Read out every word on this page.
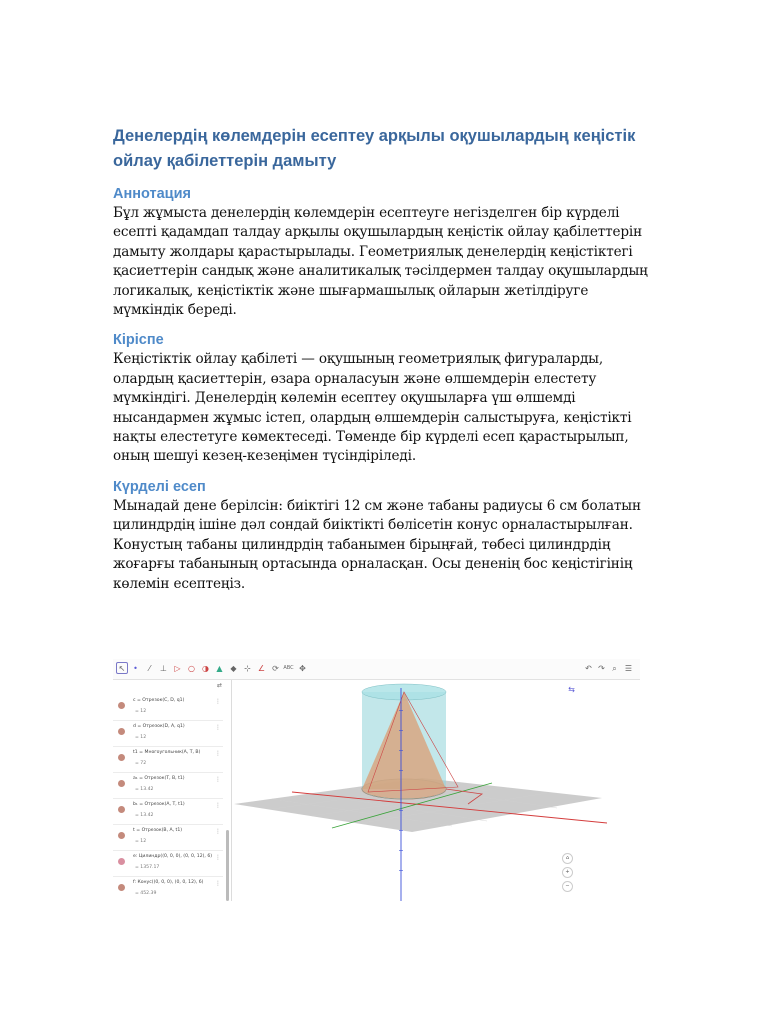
Денелердің көлемдерін есептеу арқылы оқушылардың кеңістік ойлау қабілеттерін дамыту
Аннотация

Бұл жұмыста денелердің көлемдерін есептеуге негізделген бір күрделі есепті қадамдап талдау арқылы оқушылардың кеңістік ойлау қабілеттерін дамыту жолдары қарастырылады. Геометриялық денелердің кеңістіктегі қасиеттерін сандық және аналитикалық тәсілдермен талдау оқушылардың логикалық, кеңістіктік және шығармашылық ойларын жетілдіруге мүмкіндік береді.

Кіріспе

Кеңістіктік ойлау қабілеті — оқушының геометриялық фигураларды, олардың қасиеттерін, өзара орналасуын және өлшемдерін елестету мүмкіндігі. Денелердің көлемін есептеу оқушыларға үш өлшемді нысандармен жұмыс істеп, олардың өлшемдерін салыстыруға, кеңістікті нақты елестетуге көмектеседі. Төменде бір күрделі есеп қарастырылып, оның шешуі кезең-кезеңімен түсіндіріледі.

Күрделі есеп

Мынадай дене берілсін: биіктігі 12 см және табаны радиусы 6 см болатын цилиндрдің ішіне дәл сондай биіктікті бөлісетін конус орналастырылған. Конустың табаны цилиндрдің табанымен бірыңғай, төбесі цилиндрдің жоғарғы табанының ортасында орналасқан. Осы дененің бос кеңістігінің көлемін есептеңіз.

↖ •	⁄	⊥ ▷ ○ ◑ ▲ ◆ ⊹ ∠ ⟳ ABC ✥	↶ ↷ ⌕	☰
⇄
c = Отрезок(C, D, q1)
= 12
⋮
d = Отрезок(D, A, q1)
= 12
⋮
t1 = Многоугольник(A, T, B)
= 72
⋮
a₁ = Отрезок(T, B, t1)
= 13.42
⋮
b₁ = Отрезок(A, T, t1)
= 13.42
⋮
t = Отрезок(B, A, t1)
= 12
⋮
e: Цилиндр((0, 0, 0), (0, 0, 12), 6)
= 1357.17
⋮
f: Конус((0, 0, 0), (0, 0, 12), 6)
= 452.39
⋮
⌂
+
−
⇆
